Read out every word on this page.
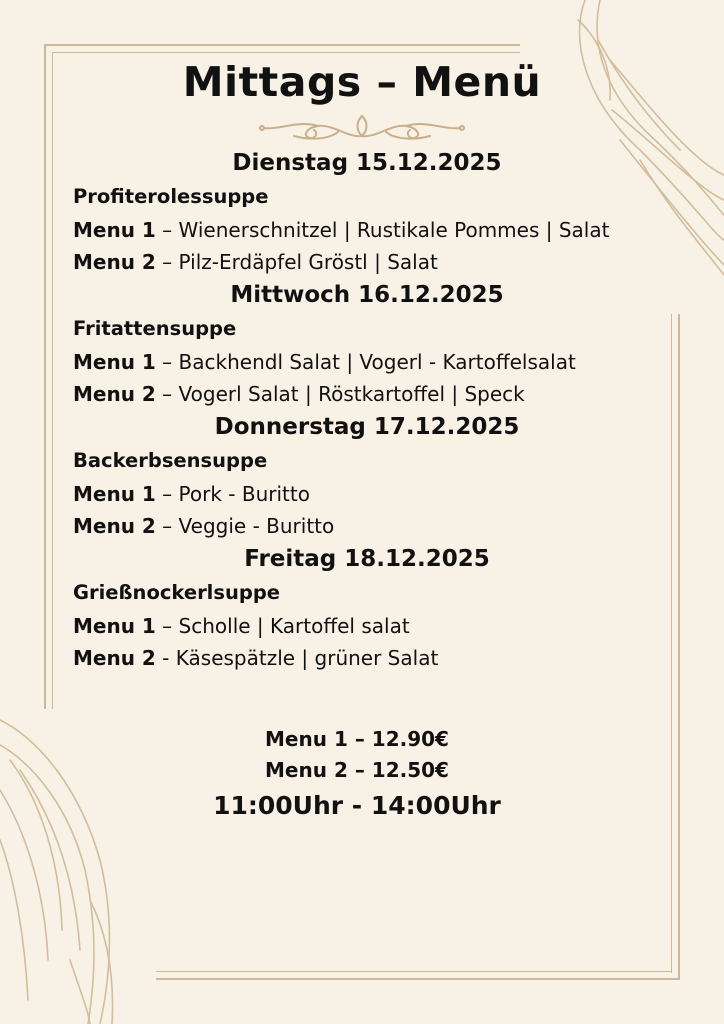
Mittags – Menü
Dienstag 15.12.2025
Profiterolessuppe
Menu 1 – Wienerschnitzel | Rustikale Pommes | Salat
Menu 2 – Pilz-Erdäpfel Gröstl | Salat
Mittwoch 16.12.2025
Fritattensuppe
Menu 1 – Backhendl Salat | Vogerl - Kartoffelsalat
Menu 2 – Vogerl Salat | Röstkartoffel | Speck
Donnerstag 17.12.2025
Backerbsensuppe
Menu 1 – Pork - Buritto
Menu 2 – Veggie - Buritto
Freitag 18.12.2025
Grießnockerlsuppe
Menu 1 – Scholle | Kartoffel salat
Menu 2 - Käsespätzle | grüner Salat
Menu 1 – 12.90€
Menu 2 – 12.50€
11:00Uhr - 14:00Uhr
